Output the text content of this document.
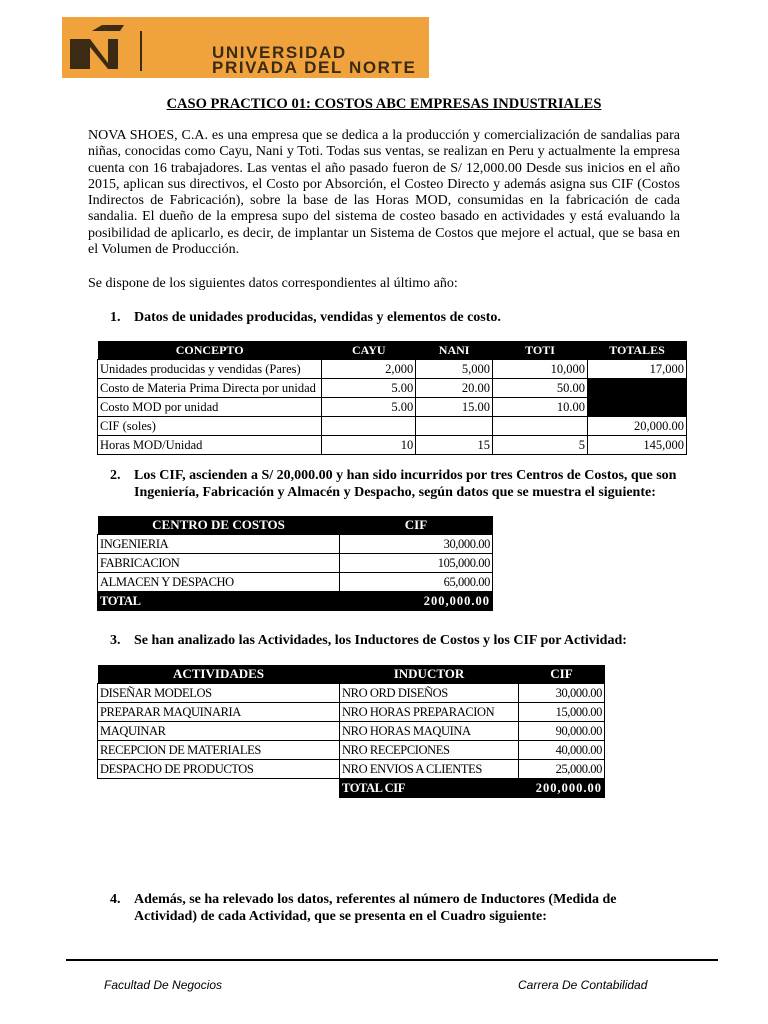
UNIVERSIDAD
PRIVADA DEL NORTE
CASO PRACTICO 01: COSTOS ABC EMPRESAS INDUSTRIALES
NOVA SHOES, C.A. es una empresa que se dedica a la producción y comercialización de sandalias para niñas, conocidas como Cayu, Nani y Toti. Todas sus ventas, se realizan en Peru y actualmente la empresa cuenta con 16 trabajadores. Las ventas el año pasado fueron de S/ 12,000.00 Desde sus inicios en el año 2015, aplican sus directivos, el Costo por Absorción, el Costeo Directo y además asigna sus CIF (Costos Indirectos de Fabricación), sobre la base de las Horas MOD, consumidas en la fabricación de cada sandalia. El dueño de la empresa supo del sistema de costeo basado en actividades y está evaluando la posibilidad de aplicarlo, es decir, de implantar un Sistema de Costos que mejore el actual, que se basa en el Volumen de Producción.
Se dispone de los siguientes datos correspondientes al último año:
1. Datos de unidades producidas, vendidas y elementos de costo.
CONCEPTO	CAYU	NANI	TOTI	TOTALES
Unidades producidas y vendidas (Pares)	2,000	5,000	10,000	17,000
Costo de Materia Prima Directa por unidad	5.00	20.00	50.00	
Costo MOD por unidad	5.00	15.00	10.00	
CIF (soles)				20,000.00
Horas MOD/Unidad	10	15	5	145,000
2. Los CIF, ascienden a S/ 20,000.00 y han sido incurridos por tres Centros de Costos, que son Ingeniería, Fabricación y Almacén y Despacho, según datos que se muestra el siguiente:
CENTRO DE COSTOS	CIF
INGENIERIA	30,000.00
FABRICACION	105,000.00
ALMACEN Y DESPACHO	65,000.00
TOTAL	200,000.00
3. Se han analizado las Actividades, los Inductores de Costos y los CIF por Actividad:
ACTIVIDADES	INDUCTOR	CIF
DISEÑAR MODELOS	NRO ORD DISEÑOS	30,000.00
PREPARAR MAQUINARIA	NRO HORAS PREPARACION	15,000.00
MAQUINAR	NRO HORAS MAQUINA	90,000.00
RECEPCION DE MATERIALES	NRO RECEPCIONES	40,000.00
DESPACHO DE PRODUCTOS	NRO ENVIOS A CLIENTES	25,000.00
	TOTAL CIF	200,000.00
4. Además, se ha relevado los datos, referentes al número de Inductores (Medida de Actividad) de cada Actividad, que se presenta en el Cuadro siguiente:
Facultad De Negocios	Carrera De Contabilidad
